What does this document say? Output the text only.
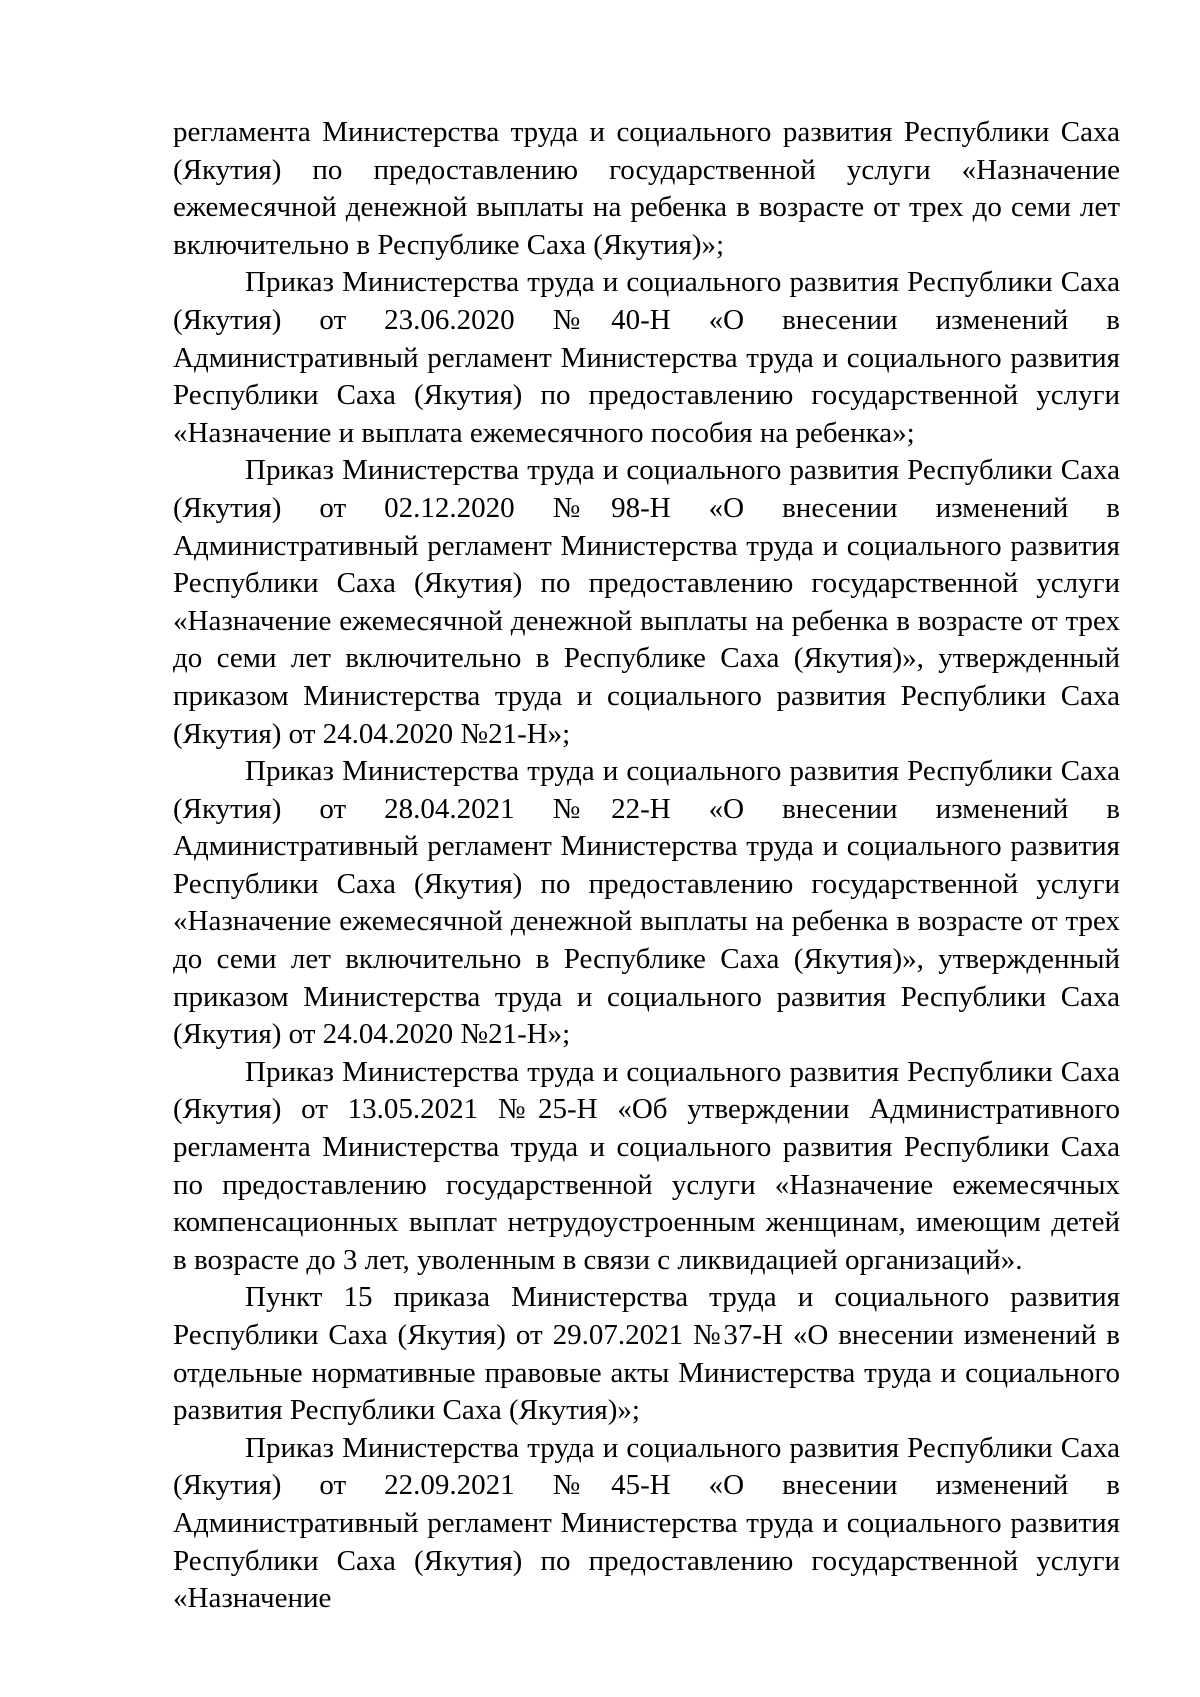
регламента Министерства труда и социального развития Республики Саха (Якутия) по предоставлению государственной услуги «Назначение ежемесячной денежной выплаты на ребенка в возрасте от трех до семи лет включительно в Республике Саха (Якутия)»;

Приказ Министерства труда и социального развития Республики Саха (Якутия) от 23.06.2020 №40-Н «О внесении изменений в Административный регламент Министерства труда и социального развития Республики Саха (Якутия) по предоставлению государственной услуги «Назначение и выплата ежемесячного пособия на ребенка»;

Приказ Министерства труда и социального развития Республики Саха (Якутия) от 02.12.2020 №98-Н «О внесении изменений в Административный регламент Министерства труда и социального развития Республики Саха (Якутия) по предоставлению государственной услуги «Назначение ежемесячной денежной выплаты на ребенка в возрасте от трех до семи лет включительно в Республике Саха (Якутия)», утвержденный приказом Министерства труда и социального развития Республики Саха (Якутия) от 24.04.2020 №21-Н»;

Приказ Министерства труда и социального развития Республики Саха (Якутия) от 28.04.2021 №22-Н «О внесении изменений в Административный регламент Министерства труда и социального развития Республики Саха (Якутия) по предоставлению государственной услуги «Назначение ежемесячной денежной выплаты на ребенка в возрасте от трех до семи лет включительно в Республике Саха (Якутия)», утвержденный приказом Министерства труда и социального развития Республики Саха (Якутия) от 24.04.2020 №21-Н»;

Приказ Министерства труда и социального развития Республики Саха (Якутия) от 13.05.2021 №25-Н «Об утверждении Административного регламента Министерства труда и социального развития Республики Саха по предоставлению государственной услуги «Назначение ежемесячных компенсационных выплат нетрудоустроенным женщинам, имеющим детей в возрасте до 3 лет, уволенным в связи с ликвидацией организаций».

Пункт 15 приказа Министерства труда и социального развития Республики Саха (Якутия) от 29.07.2021 №37-Н «О внесении изменений в отдельные нормативные правовые акты Министерства труда и социального развития Республики Саха (Якутия)»;

Приказ Министерства труда и социального развития Республики Саха (Якутия) от 22.09.2021 №45-Н «О внесении изменений в Административный регламент Министерства труда и социального развития Республики Саха (Якутия) по предоставлению государственной услуги «Назначение
